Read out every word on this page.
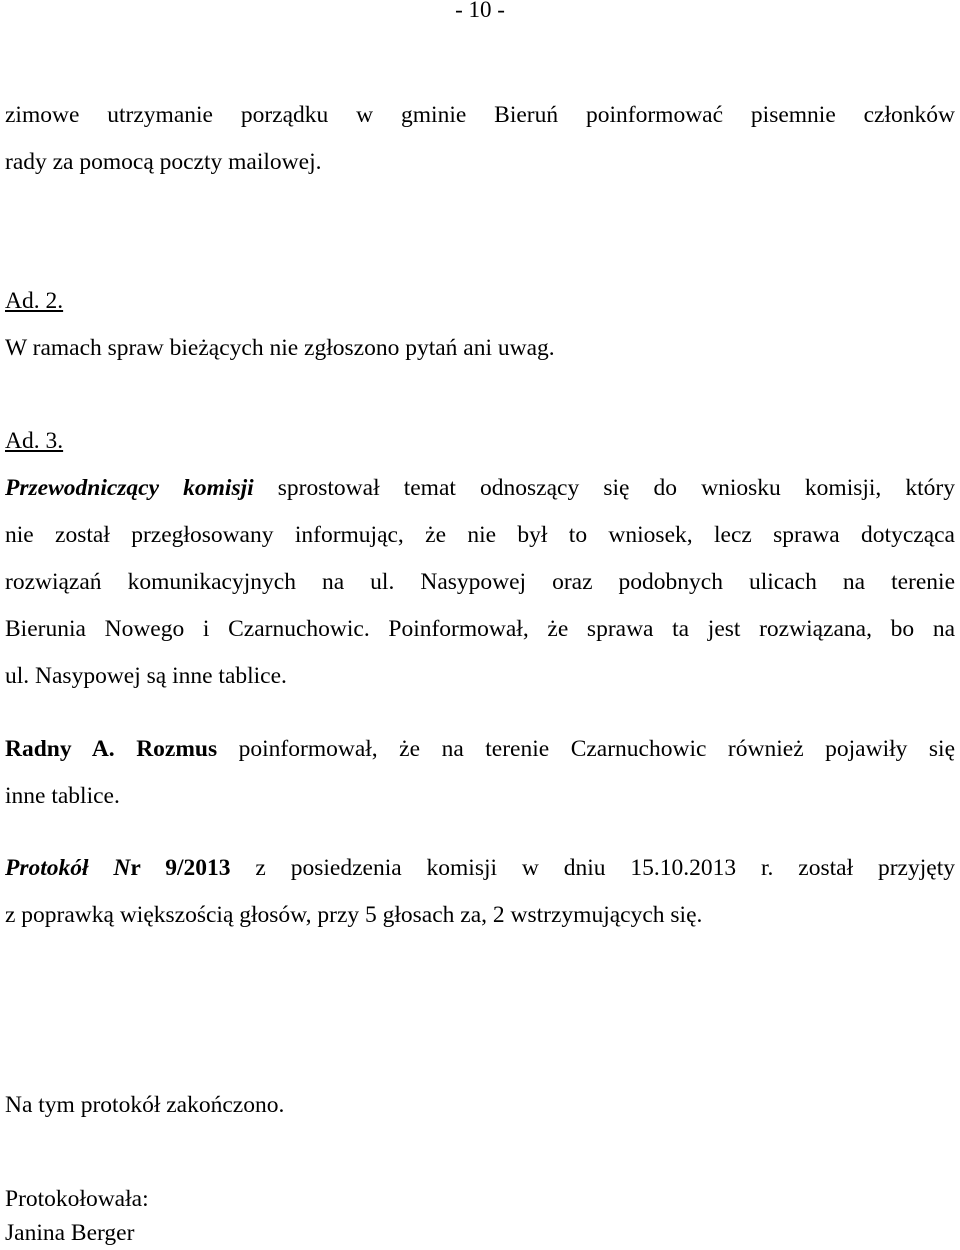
- 10 -
zimowe utrzymanie porządku w gminie Bieruń poinformować pisemnie członków
rady za pomocą poczty mailowej.
Ad. 2.
W ramach spraw bieżących nie zgłoszono pytań ani uwag.
Ad. 3.
Przewodniczący komisji sprostował temat odnoszący się do wniosku komisji, który
nie został przegłosowany informując, że nie był to wniosek, lecz sprawa dotycząca
rozwiązań komunikacyjnych na ul. Nasypowej oraz podobnych ulicach na terenie
Bierunia Nowego i Czarnuchowic. Poinformował, że sprawa ta jest rozwiązana, bo na
ul. Nasypowej są inne tablice.
Radny A. Rozmus poinformował, że na terenie Czarnuchowic również pojawiły się
inne tablice.
Protokół Nr 9/2013 z posiedzenia komisji w dniu 15.10.2013 r. został przyjęty
z poprawką większością głosów, przy 5 głosach za, 2 wstrzymujących się.
Na tym protokół zakończono.
Protokołowała:
Janina Berger
